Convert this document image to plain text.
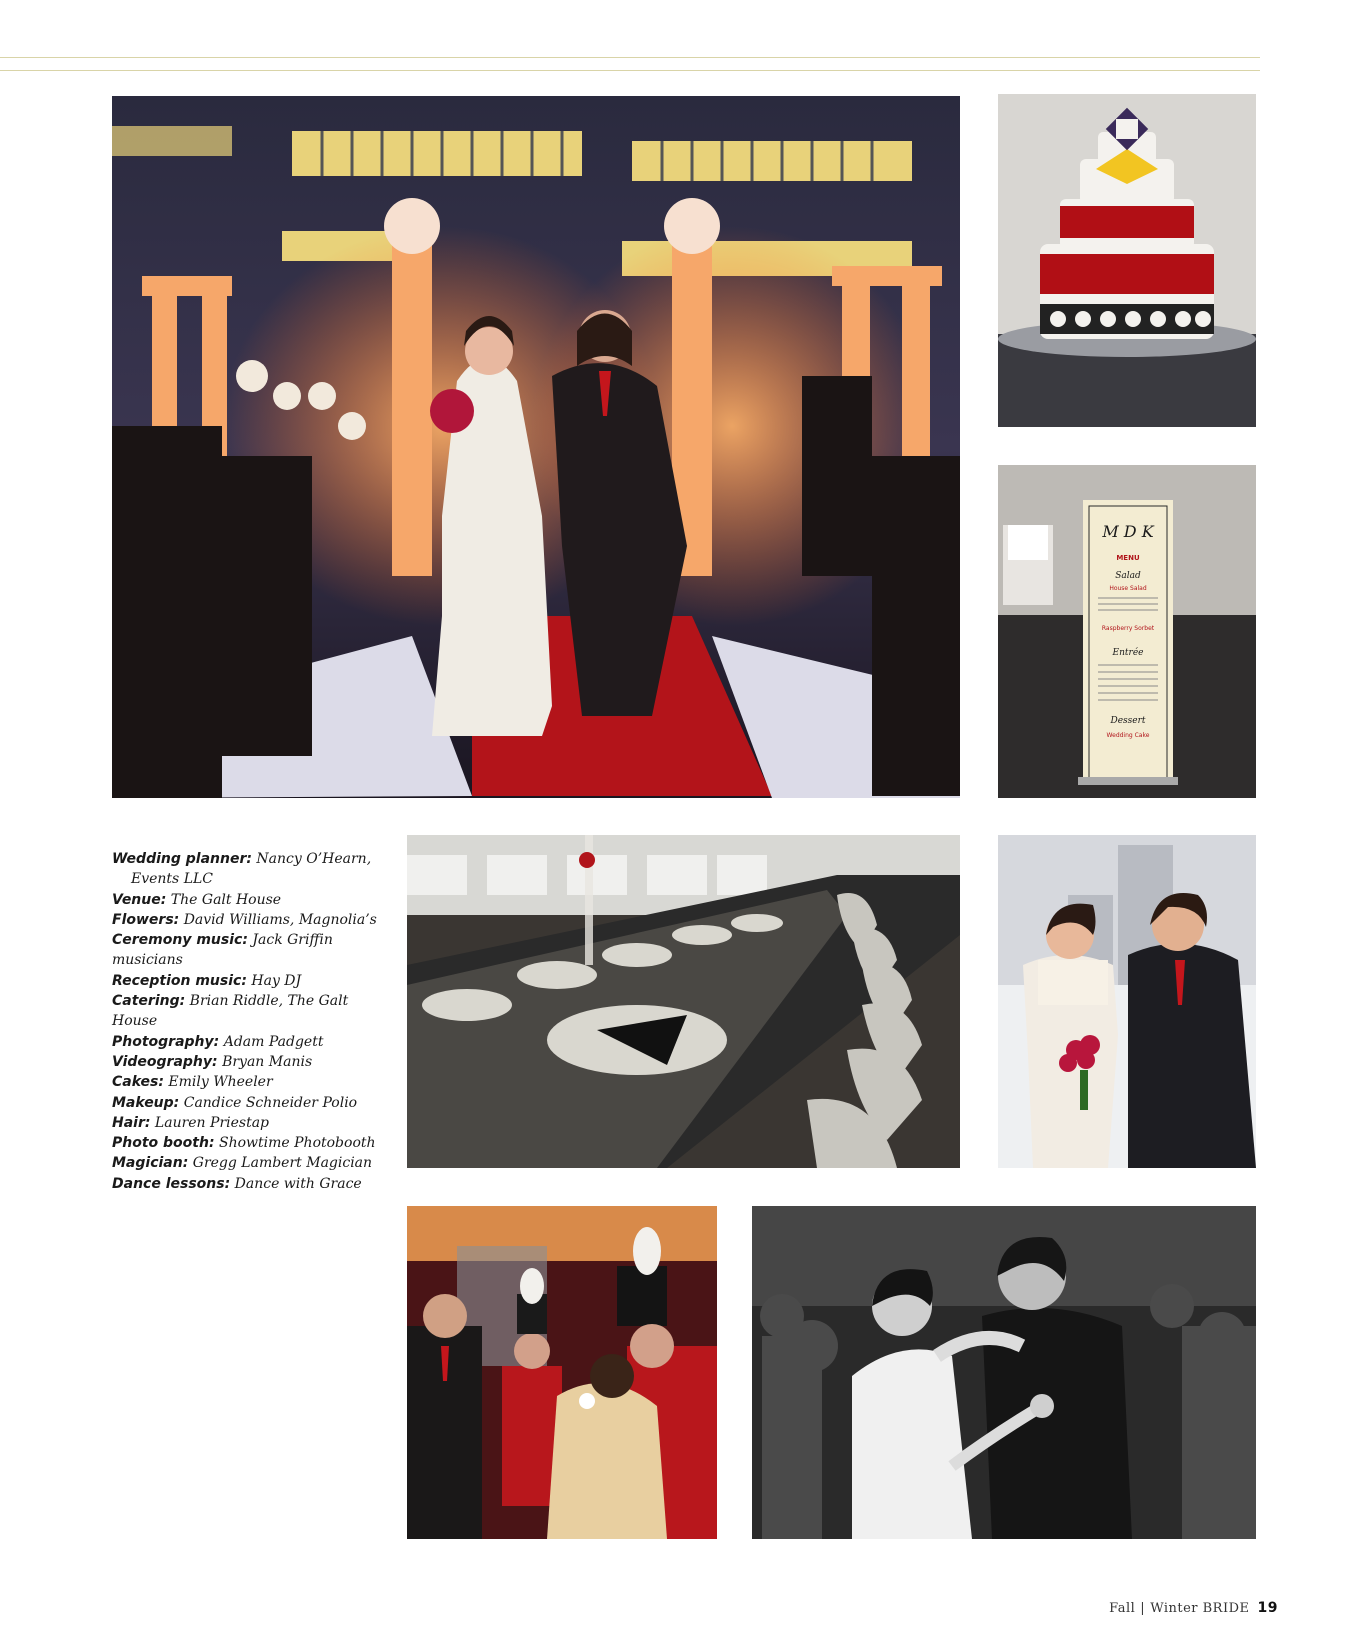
M D K
MENU
Salad
House Salad
Raspberry Sorbet
Entrée
Dessert
Wedding Cake

Wedding planner: Nancy O’Hearn,
Events LLC

Venue: The Galt House

Flowers: David Williams, Magnolia’s

Ceremony music: Jack Griffin musicians

Reception music: Hay DJ

Catering: Brian Riddle, The Galt House

Photography: Adam Padgett

Videography: Bryan Manis

Cakes: Emily Wheeler

Makeup: Candice Schneider Polio

Hair: Lauren Priestap

Photo booth: Showtime Photobooth

Magician: Gregg Lambert Magician

Dance lessons: Dance with Grace

Fall | Winter BRIDE 19
